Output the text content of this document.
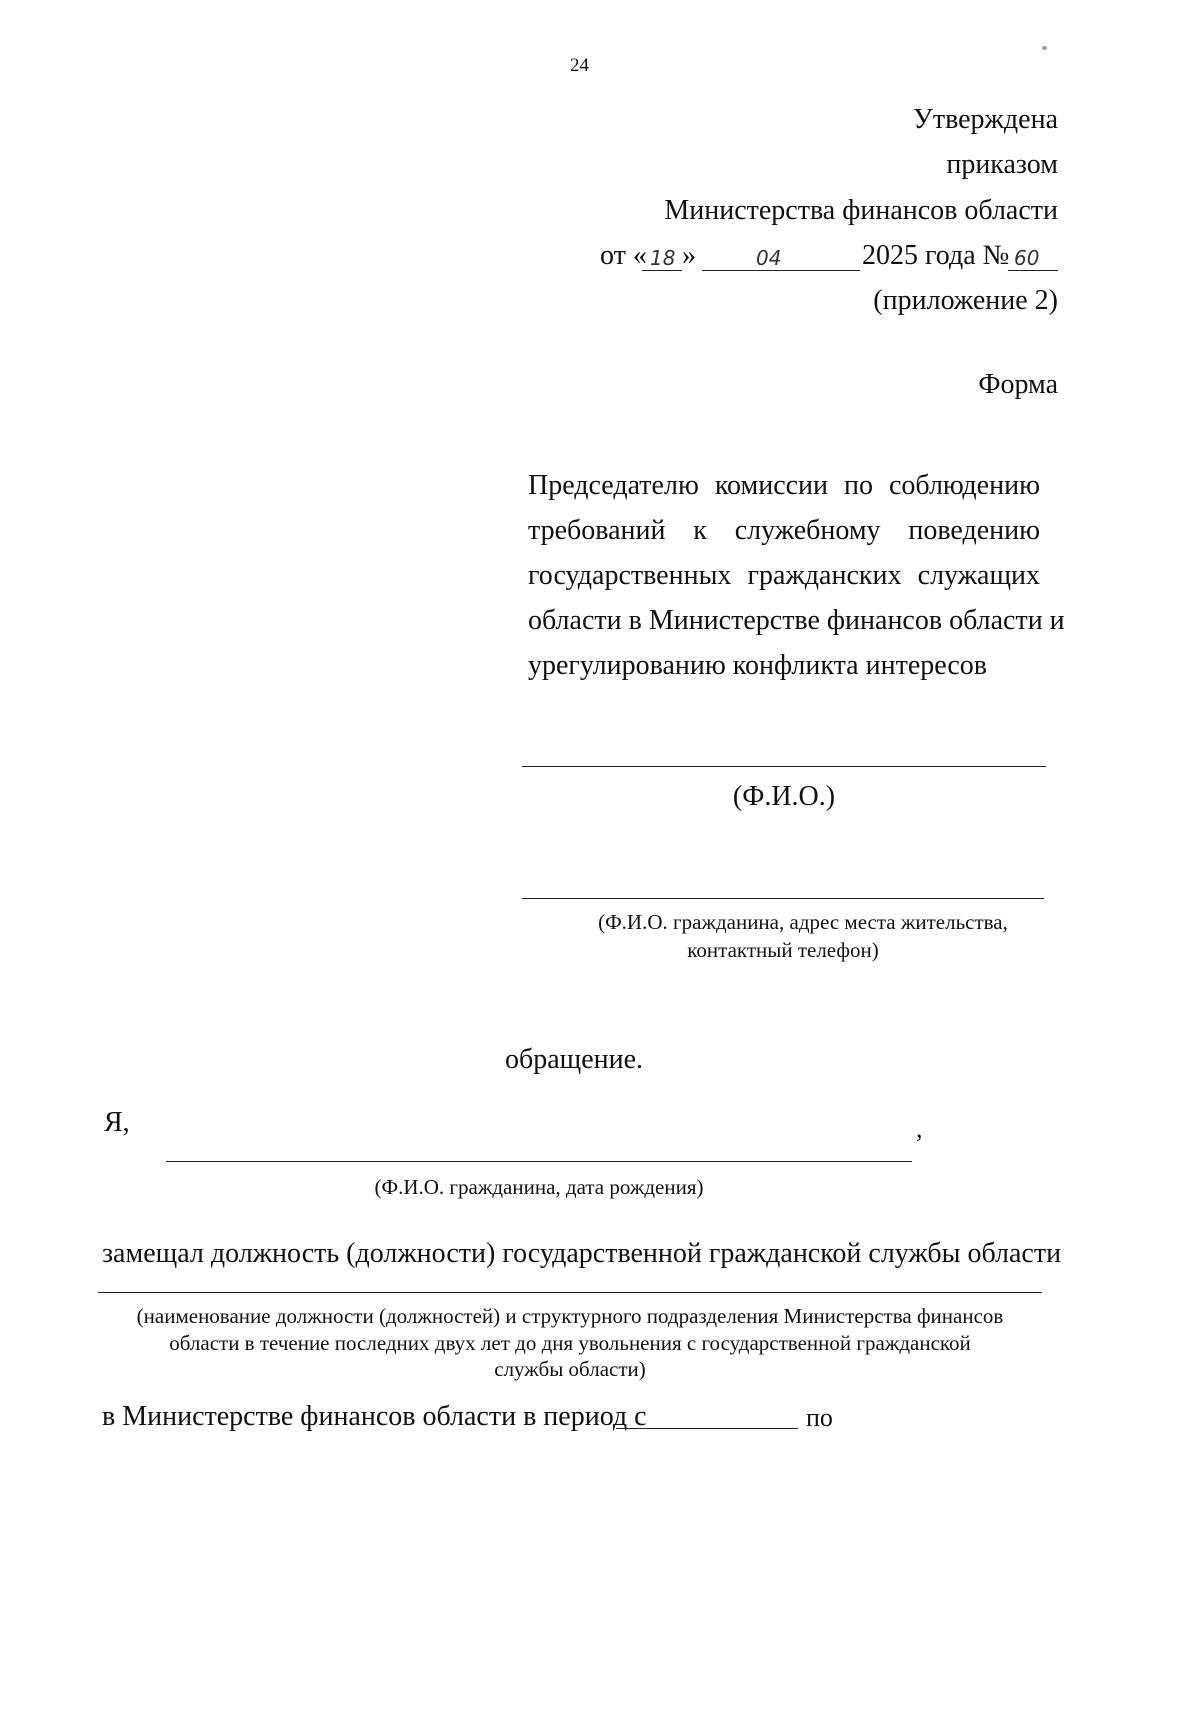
24
Утверждена
приказом
Министерства финансов области
от « 18 »	04	2025 года № 60
(приложение 2)
Форма
Председателю комиссии по соблюдению
требований к служебному поведению
государственных гражданских служащих
области в Министерстве финансов области и
урегулированию конфликта интересов
(Ф.И.О.)
(Ф.И.О. гражданина, адрес места жительства,
контактный телефон)
обращение.
Я,	,
(Ф.И.О. гражданина, дата рождения)
замещал должность (должности) государственной гражданской службы области
(наименование должности (должностей) и структурного подразделения Министерства финансов
области в течение последних двух лет до дня увольнения с государственной гражданской
службы области)
в Министерстве финансов области в период с	по
